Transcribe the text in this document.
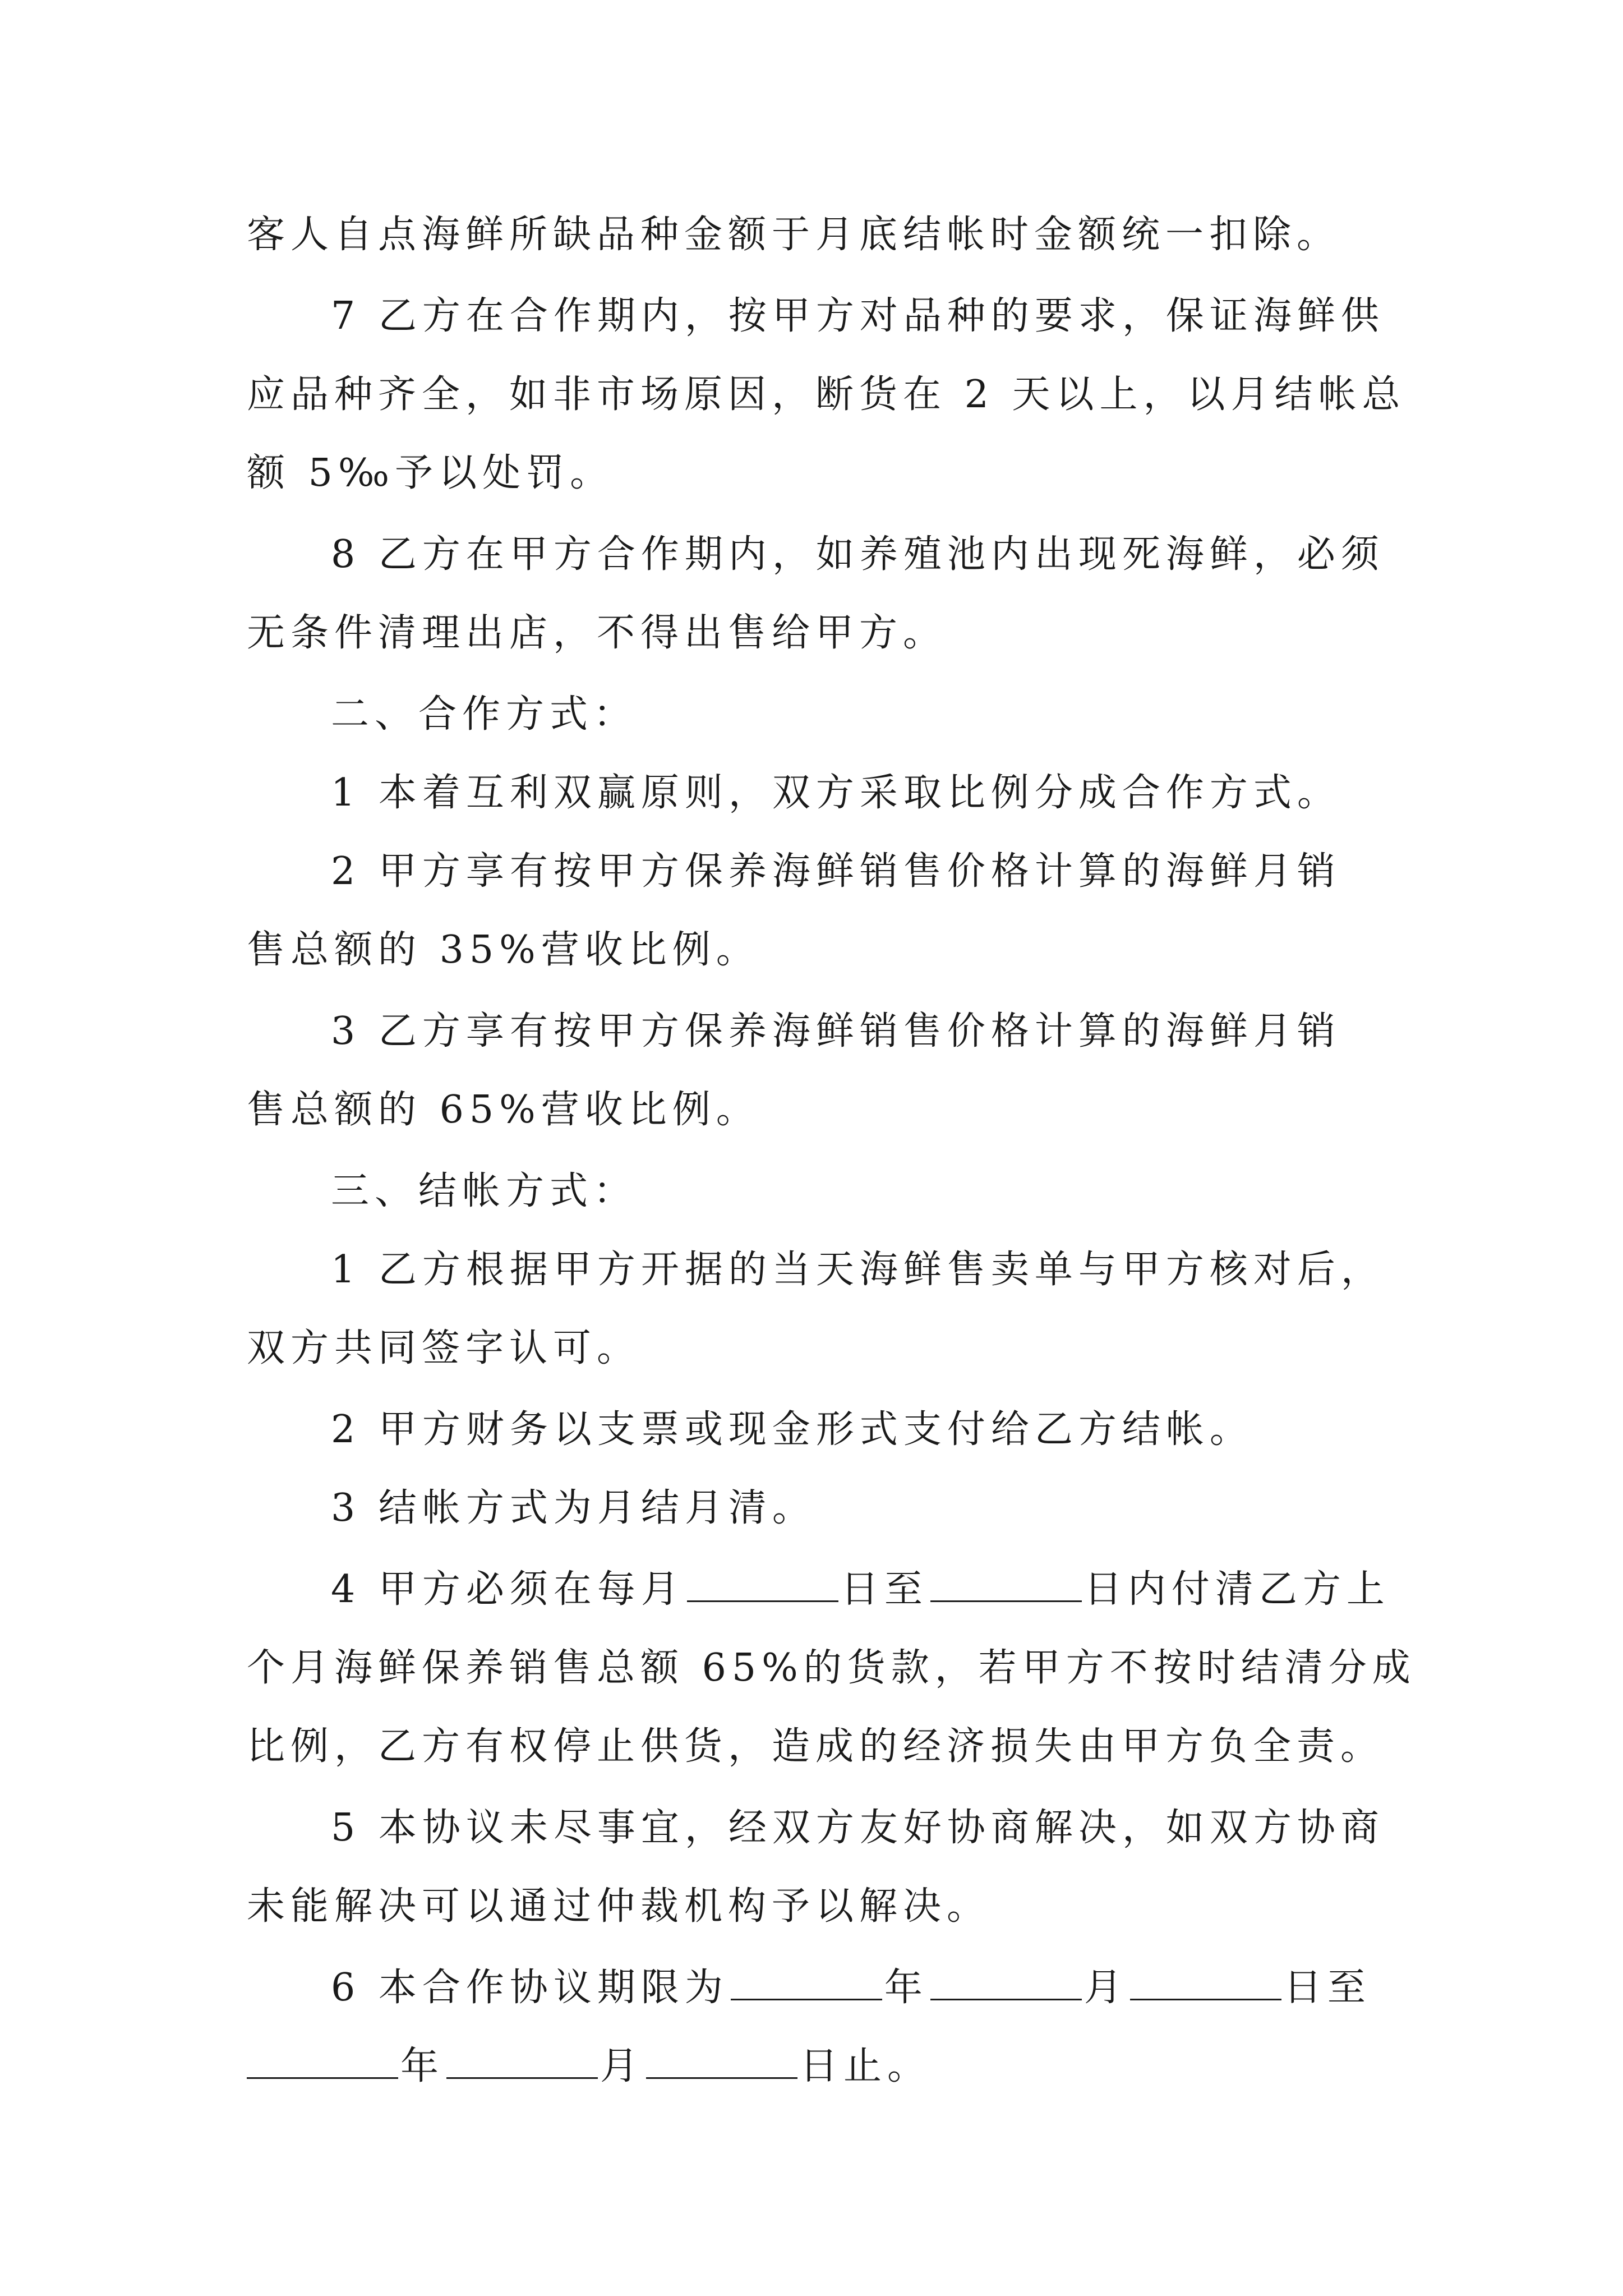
客人自点海鲜所缺品种金额于月底结帐时金额统一扣除。
7 乙方在合作期内，按甲方对品种的要求，保证海鲜供
应品种齐全，如非市场原因，断货在 2 天以上，以月结帐总
额 5‰予以处罚。
8 乙方在甲方合作期内，如养殖池内出现死海鲜，必须
无条件清理出店，不得出售给甲方。
二、合作方式：
1 本着互利双赢原则，双方采取比例分成合作方式。
2 甲方享有按甲方保养海鲜销售价格计算的海鲜月销
售总额的 35%营收比例。
3 乙方享有按甲方保养海鲜销售价格计算的海鲜月销
售总额的 65%营收比例。
三、结帐方式：
1 乙方根据甲方开据的当天海鲜售卖单与甲方核对后，
双方共同签字认可。
2 甲方财务以支票或现金形式支付给乙方结帐。
3 结帐方式为月结月清。
4 甲方必须在每月	日至	日内付清乙方上
个月海鲜保养销售总额 65%的货款，若甲方不按时结清分成
比例，乙方有权停止供货，造成的经济损失由甲方负全责。
5 本协议未尽事宜，经双方友好协商解决，如双方协商
未能解决可以通过仲裁机构予以解决。
6 本合作协议期限为	年	月	日至
年	月	日止。
